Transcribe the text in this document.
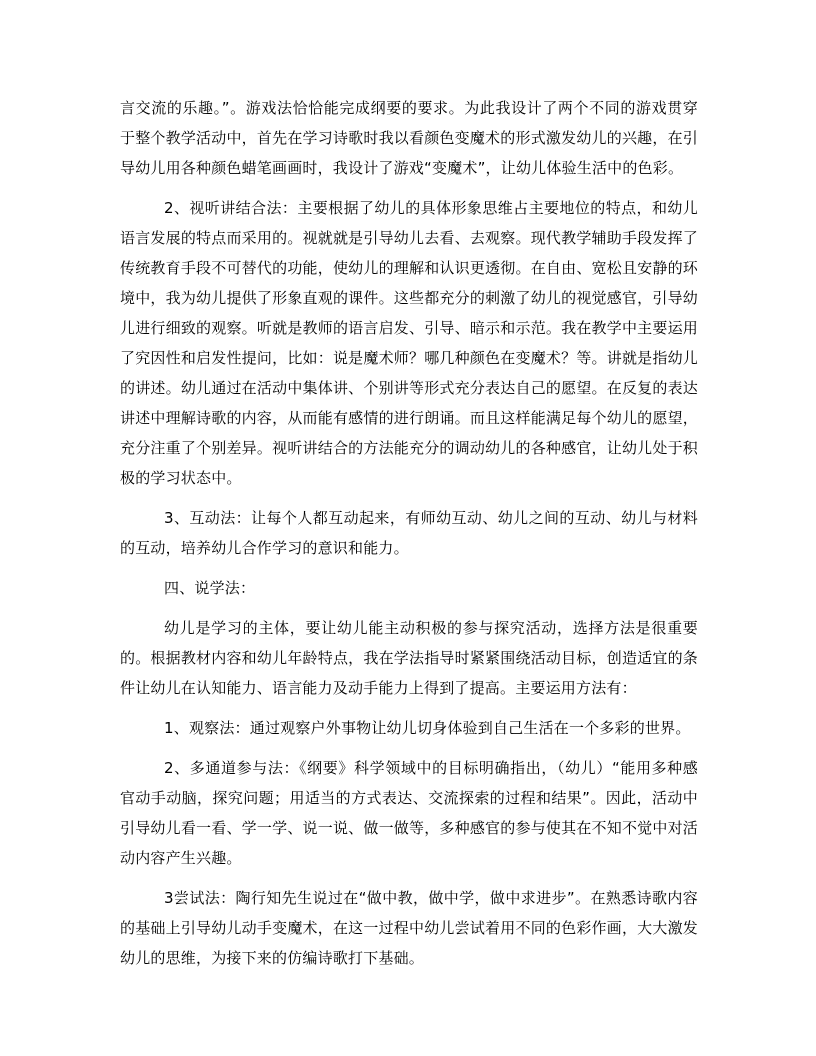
言交流的乐趣。”。游戏法恰恰能完成纲要的要求。为此我设计了两个不同的游戏贯穿于整个教学活动中，首先在学习诗歌时我以看颜色变魔术的形式激发幼儿的兴趣，在引导幼儿用各种颜色蜡笔画画时，我设计了游戏“变魔术”，让幼儿体验生活中的色彩。

2、视听讲结合法：主要根据了幼儿的具体形象思维占主要地位的特点，和幼儿语言发展的特点而采用的。视就就是引导幼儿去看、去观察。现代教学辅助手段发挥了传统教育手段不可替代的功能，使幼儿的理解和认识更透彻。在自由、宽松且安静的环境中，我为幼儿提供了形象直观的课件。这些都充分的刺激了幼儿的视觉感官，引导幼儿进行细致的观察。听就是教师的语言启发、引导、暗示和示范。我在教学中主要运用了究因性和启发性提问，比如：说是魔术师？哪几种颜色在变魔术？等。讲就是指幼儿的讲述。幼儿通过在活动中集体讲、个别讲等形式充分表达自己的愿望。在反复的表达讲述中理解诗歌的内容，从而能有感情的进行朗诵。而且这样能满足每个幼儿的愿望，充分注重了个别差异。视听讲结合的方法能充分的调动幼儿的各种感官，让幼儿处于积极的学习状态中。

3、互动法：让每个人都互动起来，有师幼互动、幼儿之间的互动、幼儿与材料的互动，培养幼儿合作学习的意识和能力。

四、说学法：

幼儿是学习的主体，要让幼儿能主动积极的参与探究活动，选择方法是很重要的。根据教材内容和幼儿年龄特点，我在学法指导时紧紧围绕活动目标，创造适宜的条件让幼儿在认知能力、语言能力及动手能力上得到了提高。主要运用方法有：

1、观察法：通过观察户外事物让幼儿切身体验到自己生活在一个多彩的世界。

2、多通道参与法：《纲要》科学领域中的目标明确指出，（幼儿）“能用多种感官动手动脑，探究问题；用适当的方式表达、交流探索的过程和结果”。因此，活动中引导幼儿看一看、学一学、说一说、做一做等，多种感官的参与使其在不知不觉中对活动内容产生兴趣。

3尝试法：陶行知先生说过在“做中教，做中学，做中求进步”。在熟悉诗歌内容的基础上引导幼儿动手变魔术，在这一过程中幼儿尝试着用不同的色彩作画，大大激发幼儿的思维，为接下来的仿编诗歌打下基础。
